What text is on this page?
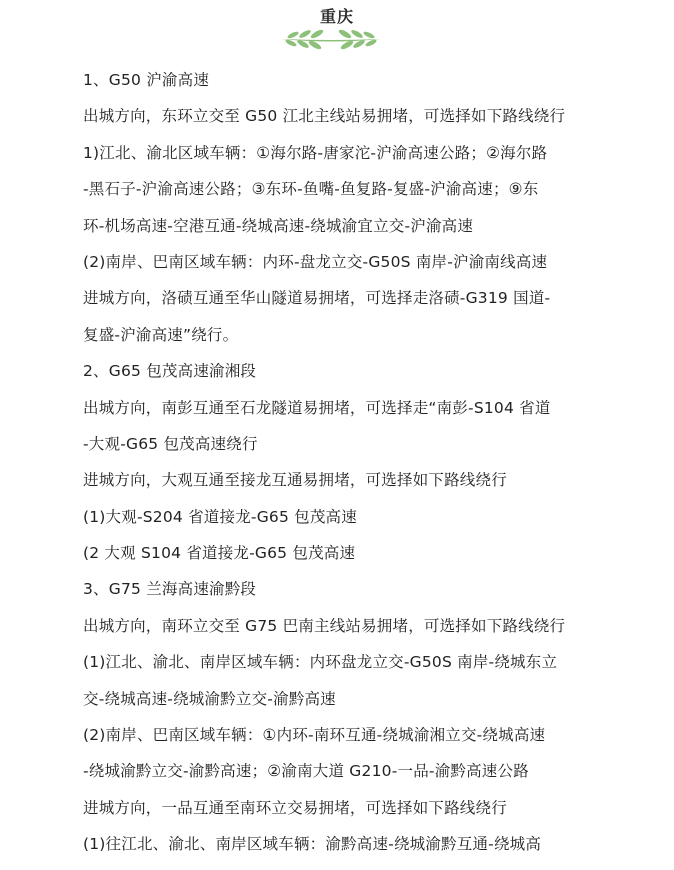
重庆
1、G50 沪渝高速
出城方向，东环立交至 G50 江北主线站易拥堵，可选择如下路线绕行
1)江北、渝北区域车辆：①海尔路-唐家沱-沪渝高速公路；②海尔路
-黑石子-沪渝高速公路；③东环-鱼嘴-鱼复路-复盛-沪渝高速；⑨东
环-机场高速-空港互通-绕城高速-绕城渝宜立交-沪渝高速
(2)南岸、巴南区域车辆：内环-盘龙立交-G50S 南岸-沪渝南线高速
进城方向，洛碛互通至华山隧道易拥堵，可选择走洛碛-G319 国道-
复盛-沪渝高速”绕行。
2、G65 包茂高速渝湘段
出城方向，南彭互通至石龙隧道易拥堵，可选择走“南彭-S104 省道
-大观-G65 包茂高速绕行
进城方向，大观互通至接龙互通易拥堵，可选择如下路线绕行
(1)大观-S204 省道接龙-G65 包茂高速
(2 大观 S104 省道接龙-G65 包茂高速
3、G75 兰海高速渝黔段
出城方向，南环立交至 G75 巴南主线站易拥堵，可选择如下路线绕行
(1)江北、渝北、南岸区域车辆：内环盘龙立交-G50S 南岸-绕城东立
交-绕城高速-绕城渝黔立交-渝黔高速
(2)南岸、巴南区域车辆：①内环-南环互通-绕城渝湘立交-绕城高速
-绕城渝黔立交-渝黔高速；②渝南大道 G210-一品-渝黔高速公路
进城方向，一品互通至南环立交易拥堵，可选择如下路线绕行
(1)往江北、渝北、南岸区域车辆：渝黔高速-绕城渝黔互通-绕城高
